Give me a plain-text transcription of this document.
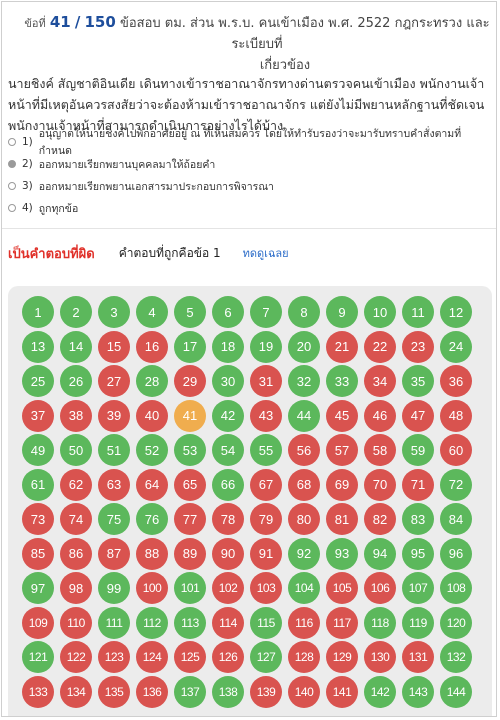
ข้อที่ 41 / 150 ข้อสอบ ตม. ส่วน พ.ร.บ. คนเข้าเมือง พ.ศ. 2522 กฎกระทรวง และระเบียบที่
เกี่ยวข้อง
นายชิงค์ สัญชาติอินเดีย เดินทางเข้าราชอาณาจักรทางด่านตรวจคนเข้าเมือง พนักงานเจ้าหน้าที่มีเหตุอันควรสงสัยว่าจะต้องห้ามเข้าราชอาณาจักร แต่ยังไม่มีพยานหลักฐานที่ชัดเจน พนักงานเจ้าหน้าที่สามารถดำเนินการอย่างไรได้บ้าง
1)
อนุญาตให้นายชิงค์ไปพักอาศัยอยู่ ณ ที่เห็นสมควร โดยให้ทำรับรองว่าจะมารับทราบคำสั่งตามที่กำหนด
2) ออกหมายเรียกพยานบุคคลมาให้ถ้อยคำ
3) ออกหมายเรียกพยานเอกสารมาประกอบการพิจารณา
4) ถูกทุกข้อ
เป็นคำตอบที่ผิด คำตอบที่ถูกคือข้อ 1 ทดดูเฉลย
1	2	3	4	5	6	7	8	9	10	11	12
13	14	15	16	17	18	19	20	21	22	23	24
25	26	27	28	29	30	31	32	33	34	35	36
37	38	39	40	41	42	43	44	45	46	47	48
49	50	51	52	53	54	55	56	57	58	59	60
61	62	63	64	65	66	67	68	69	70	71	72
73	74	75	76	77	78	79	80	81	82	83	84
85	86	87	88	89	90	91	92	93	94	95	96
97	98	99	100	101	102	103	104	105	106	107	108
109	110	111	112	113	114	115	116	117	118	119	120
121	122	123	124	125	126	127	128	129	130	131	132
133	134	135	136	137	138	139	140	141	142	143	144
